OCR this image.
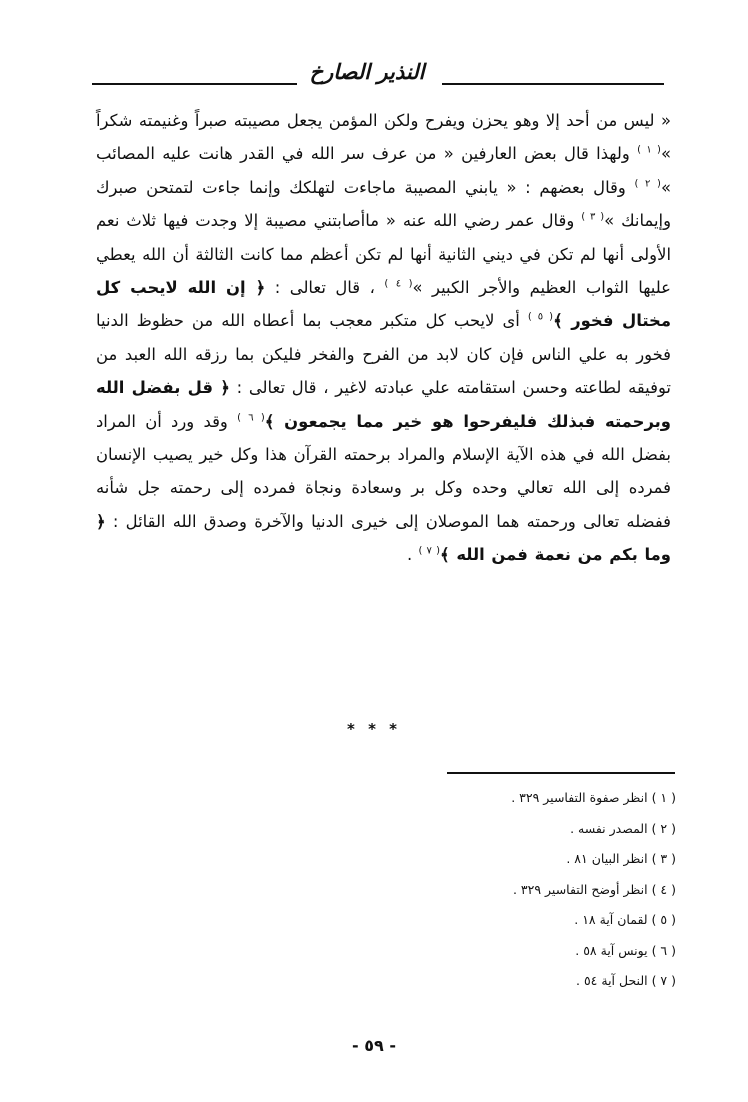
النذير الصارخ

« ليس من أحد إلا وهو يحزن ويفرح ولكن المؤمن يجعل مصيبته صبراً وغنيمته شكراً »$^{( ١ )}$ ولهذا قال بعض العارفين « من عرف سر الله في القدر هانت عليه المصائب »$^{( ٢ )}$ وقال بعضهم : « يابني المصيبة ماجاءت لتهلكك وإنما جاءت لتمتحن صبرك وإيمانك »$^{( ٣ )}$ وقال عمر رضي الله عنه « ماأصابتني مصيبة إلا وجدت فيها ثلاث نعم الأولى أنها لم تكن في ديني الثانية أنها لم تكن أعظم مما كانت الثالثة أن الله يعطي عليها الثواب العظيم والأجر الكبير »$^{( ٤ )}$ ، قال تعالى : ﴿ إن الله لايحب كل مختال فخور ﴾$^{( ٥ )}$ أى لايحب كل متكبر معجب بما أعطاه الله من حظوظ الدنيا فخور به علي الناس فإن كان لابد من الفرح والفخر فليكن بما رزقه الله العبد من توفيقه لطاعته وحسن استقامته علي عبادته لاغير ، قال تعالى : ﴿ قل بفضل الله وبرحمته فبذلك فليفرحوا هو خير مما يجمعون ﴾$^{( ٦ )}$ وقد ورد أن المراد بفضل الله في هذه الآية الإسلام والمراد برحمته القرآن هذا وكل خير يصيب الإنسان فمرده إلى الله تعالي وحده وكل بر وسعادة ونجاة فمرده إلى رحمته جل شأنه ففضله تعالى ورحمته هما الموصلان إلى خيرى الدنيا والآخرة وصدق الله القائل : ﴿ وما بكم من نعمة فمن الله ﴾$^{( ٧ )}$ .

* * *
( ١ ) انظر صفوة التفاسير ٣٢٩ .
( ٢ ) المصدر نفسه .
( ٣ ) انظر البيان ٨١ .
( ٤ ) انظر أوضح التفاسير ٣٢٩ .
( ٥ ) لقمان آية ١٨ .
( ٦ ) يونس آية ٥٨ .
( ٧ ) النحل آية ٥٤ .
- ٥٩ -
